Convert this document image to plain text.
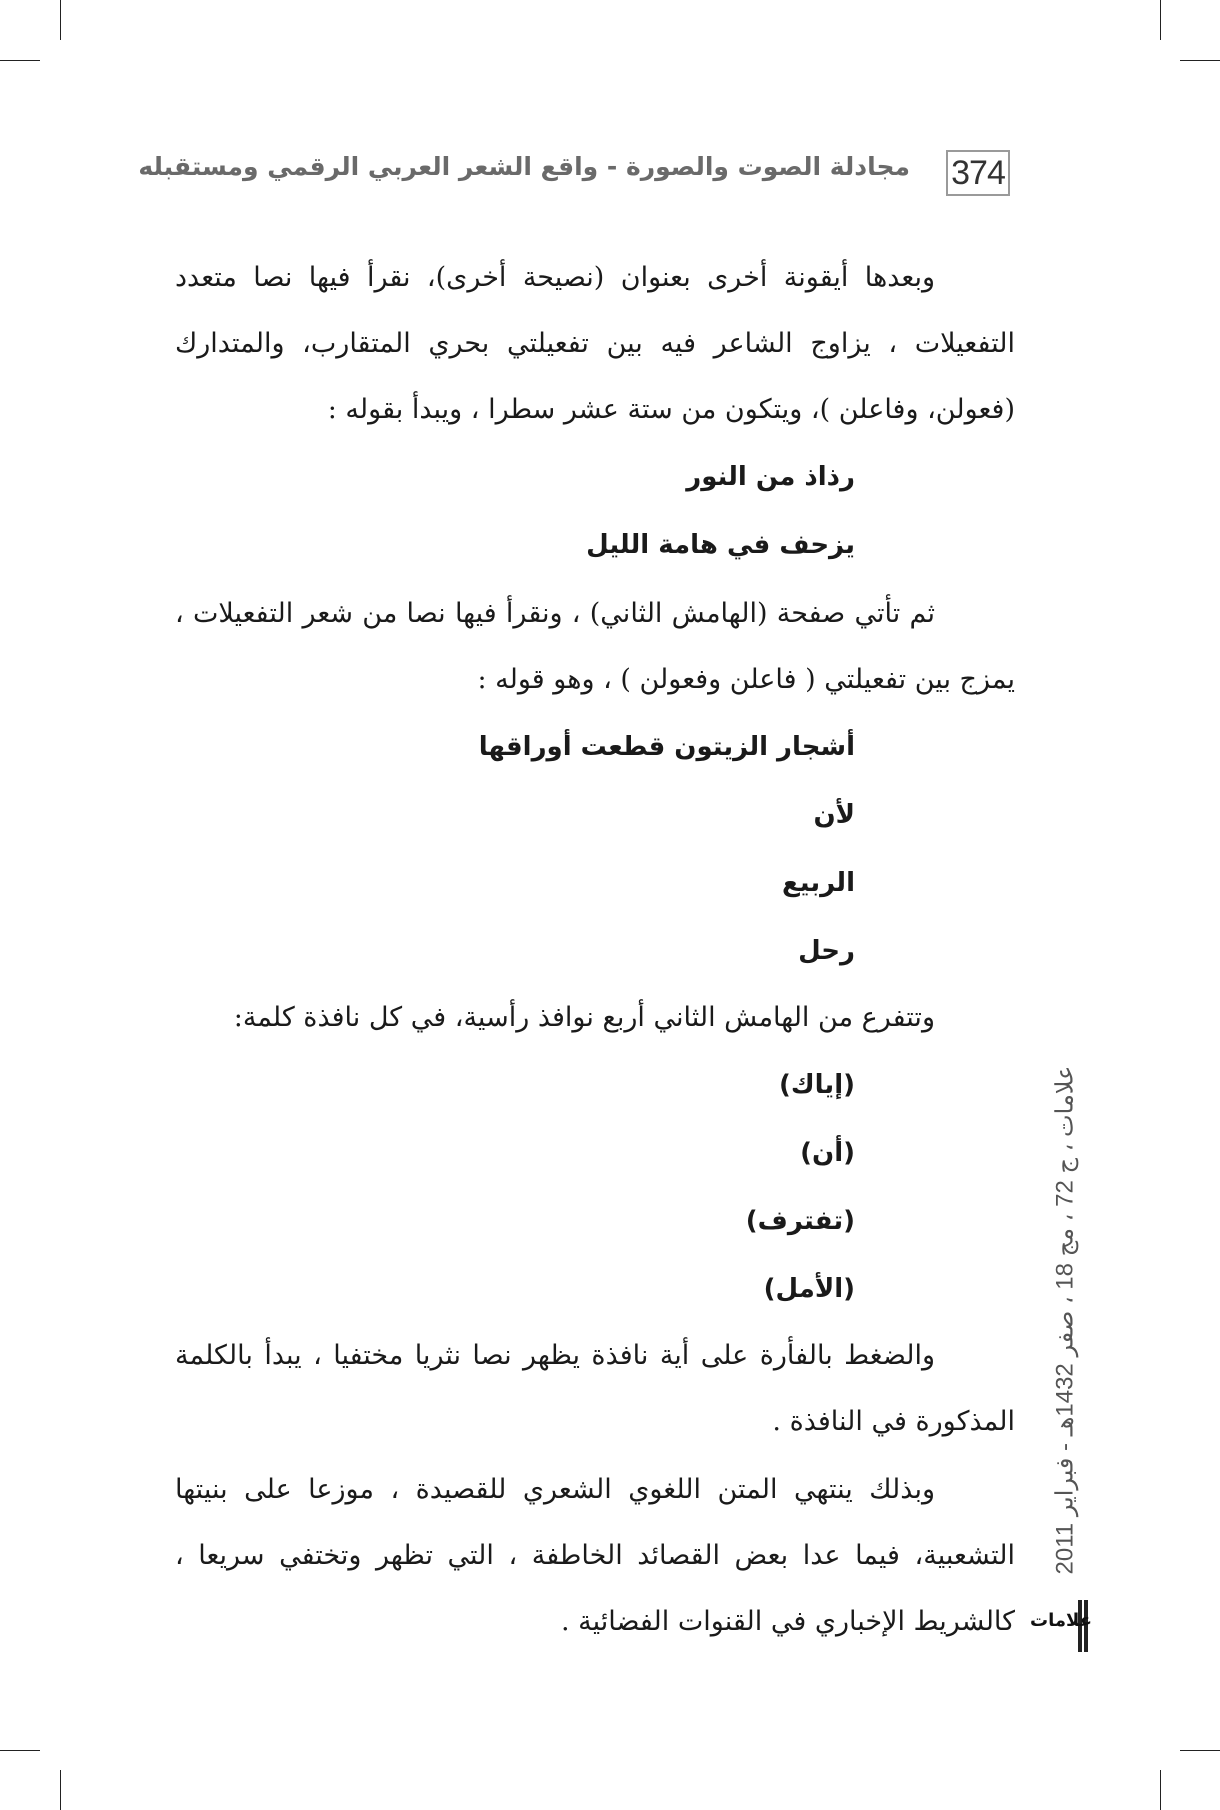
374
مجادلة الصوت والصورة - واقع الشعر العربي الرقمي ومستقبله

وبعدها أيقونة أخرى بعنوان (نصيحة أخرى)، نقرأ فيها نصا متعدد التفعيلات ، يزاوج الشاعر فيه بين تفعيلتي بحري المتقارب، والمتدارك (فعولن، وفاعلن )، ويتكون من ستة عشر سطرا ، ويبدأ بقوله :

رذاذ من النور

يزحف في هامة الليل

ثم تأتي صفحة (الهامش الثاني) ، ونقرأ فيها نصا من شعر التفعيلات ، يمزج بين تفعيلتي ( فاعلن وفعولن ) ، وهو قوله :

أشجار الزيتون قطعت أوراقها

لأن

الربيع

رحل

وتتفرع من الهامش الثاني أربع نوافذ رأسية، في كل نافذة كلمة:

(إياك)

(أن)

(تفترف)

(الأمل)

والضغط بالفأرة على أية نافذة يظهر نصا نثريا مختفيا ، يبدأ بالكلمة المذكورة في النافذة .

وبذلك ينتهي المتن اللغوي الشعري للقصيدة ، موزعا على بنيتها التشعبية، فيما عدا بعض القصائد الخاطفة ، التي تظهر وتختفي سريعا ، كالشريط الإخباري في القنوات الفضائية .

علامات ، ج 72 ، مج 18 ، صفر 1432هـ - فبراير 2011
علامات
